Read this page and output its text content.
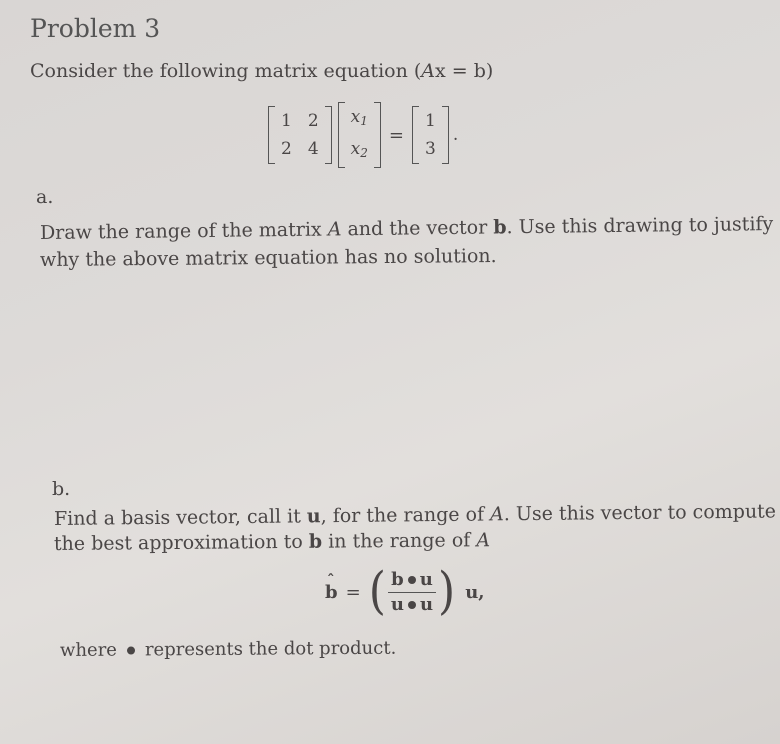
Problem 3
Consider the following matrix equation (Ax = b)
1 2
2 4
$x_1$
$x_2$
=
1
3
.
a.
Draw the range of the matrix A and the vector b. Use this drawing to justify
why the above matrix equation has no solution.
b.
Find a basis vector, call it u, for the range of A. Use this vector to compute
the best approximation to b in the range of A
ˆ b = ( $\frac{\text{b u}}{\text{u u}}$ ) u,
where represents the dot product.
